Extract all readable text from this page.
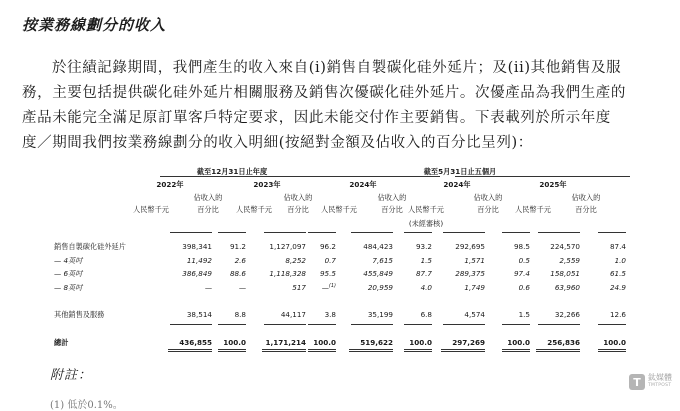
按業務線劃分的收入
於往績記錄期間，我們產生的收入來自(i)銷售自製碳化硅外延片；及(ii)其他銷售及服
務，主要包括提供碳化硅外延片相關服務及銷售次優碳化硅外延片。次優產品為我們生產的
產品未能完全滿足原訂單客戶特定要求，因此未能交付作主要銷售。下表載列於所示年度
度／期間我們按業務線劃分的收入明細(按絕對金額及佔收入的百分比呈列)：
截至12月31日止年度	截至5月31日止五個月
2022年	2023年	2024年	2024年	2025年
人民幣千元
佔收入的
百分比	人民幣千元
佔收入的
百分比	人民幣千元
佔收入的
百分比 人民幣千元
佔收入的
百分比	人民幣千元
佔收入的
百分比
(未經審核)
銷售自製碳化硅外延片	398,341	91.2	1,127,097	96.2	484,423	93.2	292,695	98.5	224,570	87.4
— 4英吋	11,492	2.6	8,252	0.7	7,615	1.5	1,571	0.5	2,559	1.0
— 6英吋	386,849	88.6	1,118,328	95.5	455,849	87.7	289,375	97.4	158,051	61.5
— 8英吋	—	—	517	—$^{(1)}$	20,959	4.0	1,749	0.6	63,960	24.9
其他銷售及服務	38,514	8.8	44,117	3.8	35,199	6.8	4,574	1.5	32,266	12.6
總計	436,855	100.0	1,171,214	100.0	519,622	100.0	297,269	100.0	256,836	100.0
附註：
(1) 低於0.1%。
T 鈦媒體
TMTPOST
